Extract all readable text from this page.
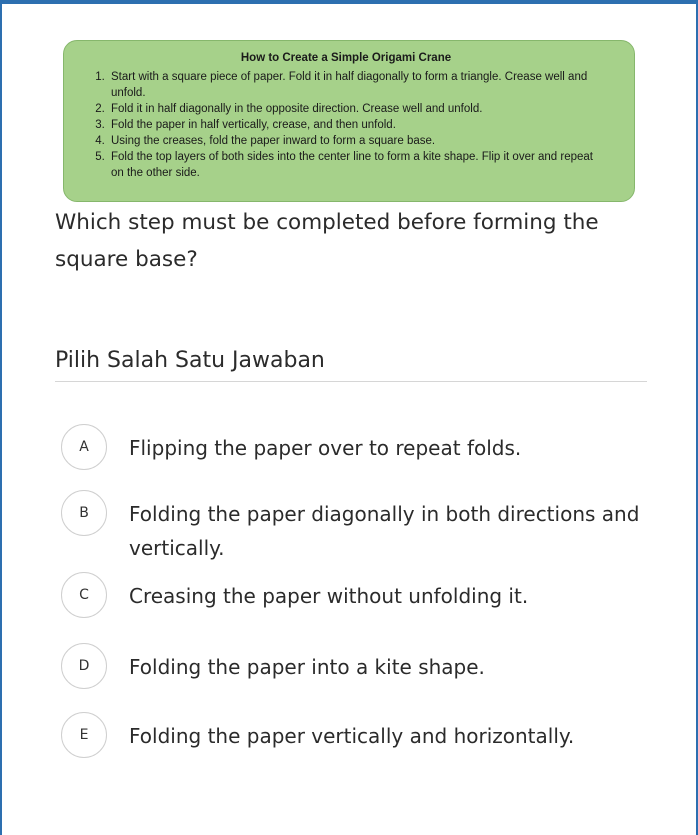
How to Create a Simple Origami Crane
1. Start with a square piece of paper. Fold it in half diagonally to form a triangle. Crease well and unfold.
2. Fold it in half diagonally in the opposite direction. Crease well and unfold.
3. Fold the paper in half vertically, crease, and then unfold.
4. Using the creases, fold the paper inward to form a square base.
5. Fold the top layers of both sides into the center line to form a kite shape. Flip it over and repeat on the other side.
Which step must be completed before forming the square base?
Pilih Salah Satu Jawaban
A	Flipping the paper over to repeat folds.
B	Folding the paper diagonally in both directions and vertically.
C	Creasing the paper without unfolding it.
D	Folding the paper into a kite shape.
E	Folding the paper vertically and horizontally.
